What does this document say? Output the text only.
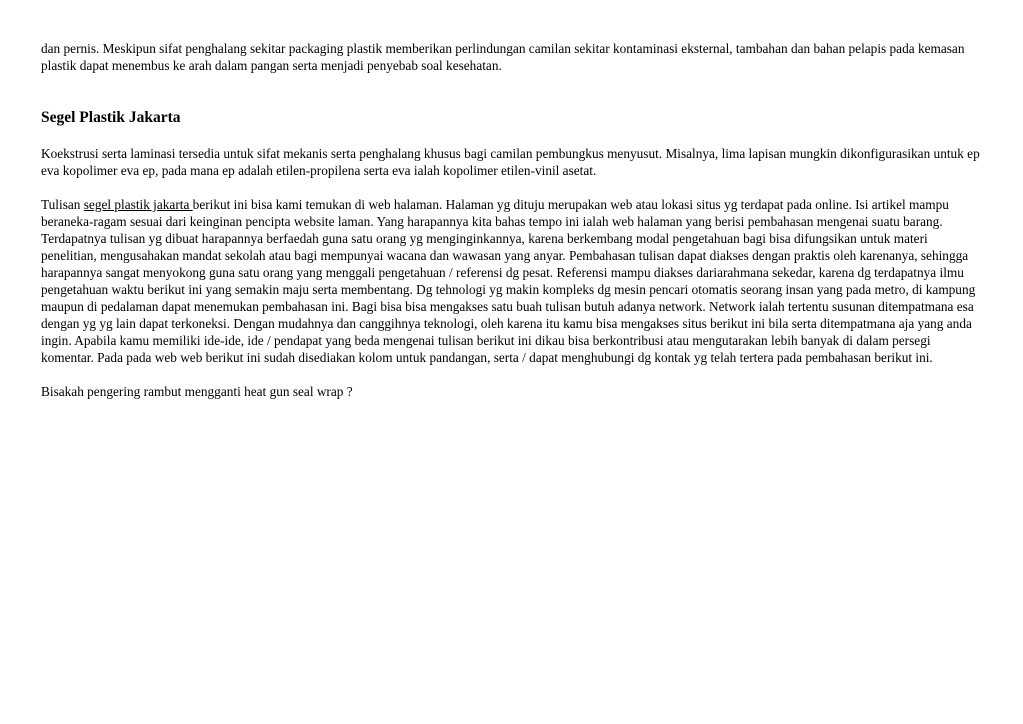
dan pernis. Meskipun sifat penghalang sekitar packaging plastik memberikan perlindungan camilan sekitar kontaminasi eksternal, tambahan dan bahan pelapis pada kemasan plastik dapat menembus ke arah dalam pangan serta menjadi penyebab soal kesehatan.

Segel Plastik Jakarta

Koekstrusi serta laminasi tersedia untuk sifat mekanis serta penghalang khusus bagi camilan pembungkus menyusut. Misalnya, lima lapisan mungkin dikonfigurasikan untuk ep eva kopolimer eva ep, pada mana ep adalah etilen-propilena serta eva ialah kopolimer etilen-vinil asetat.

Tulisan segel plastik jakarta berikut ini bisa kami temukan di web halaman. Halaman yg dituju merupakan web atau lokasi situs yg terdapat pada online. Isi artikel mampu beraneka-ragam sesuai dari keinginan pencipta website laman. Yang harapannya kita bahas tempo ini ialah web halaman yang berisi pembahasan mengenai suatu barang. Terdapatnya tulisan yg dibuat harapannya berfaedah guna satu orang yg menginginkannya, karena berkembang modal pengetahuan bagi bisa difungsikan untuk materi penelitian, mengusahakan mandat sekolah atau bagi mempunyai wacana dan wawasan yang anyar. Pembahasan tulisan dapat diakses dengan praktis oleh karenanya, sehingga harapannya sangat menyokong guna satu orang yang menggali pengetahuan / referensi dg pesat. Referensi mampu diakses dariarahmana sekedar, karena dg terdapatnya ilmu pengetahuan waktu berikut ini yang semakin maju serta membentang. Dg tehnologi yg makin kompleks dg mesin pencari otomatis seorang insan yang pada metro, di kampung maupun di pedalaman dapat menemukan pembahasan ini. Bagi bisa bisa mengakses satu buah tulisan butuh adanya network. Network ialah tertentu susunan ditempatmana esa dengan yg yg lain dapat terkoneksi. Dengan mudahnya dan canggihnya teknologi, oleh karena itu kamu bisa mengakses situs berikut ini bila serta ditempatmana aja yang anda ingin. Apabila kamu memiliki ide-ide, ide / pendapat yang beda mengenai tulisan berikut ini dikau bisa berkontribusi atau mengutarakan lebih banyak di dalam persegi komentar. Pada pada web web berikut ini sudah disediakan kolom untuk pandangan, serta / dapat menghubungi dg kontak yg telah tertera pada pembahasan berikut ini.

Bisakah pengering rambut mengganti heat gun seal wrap ?
